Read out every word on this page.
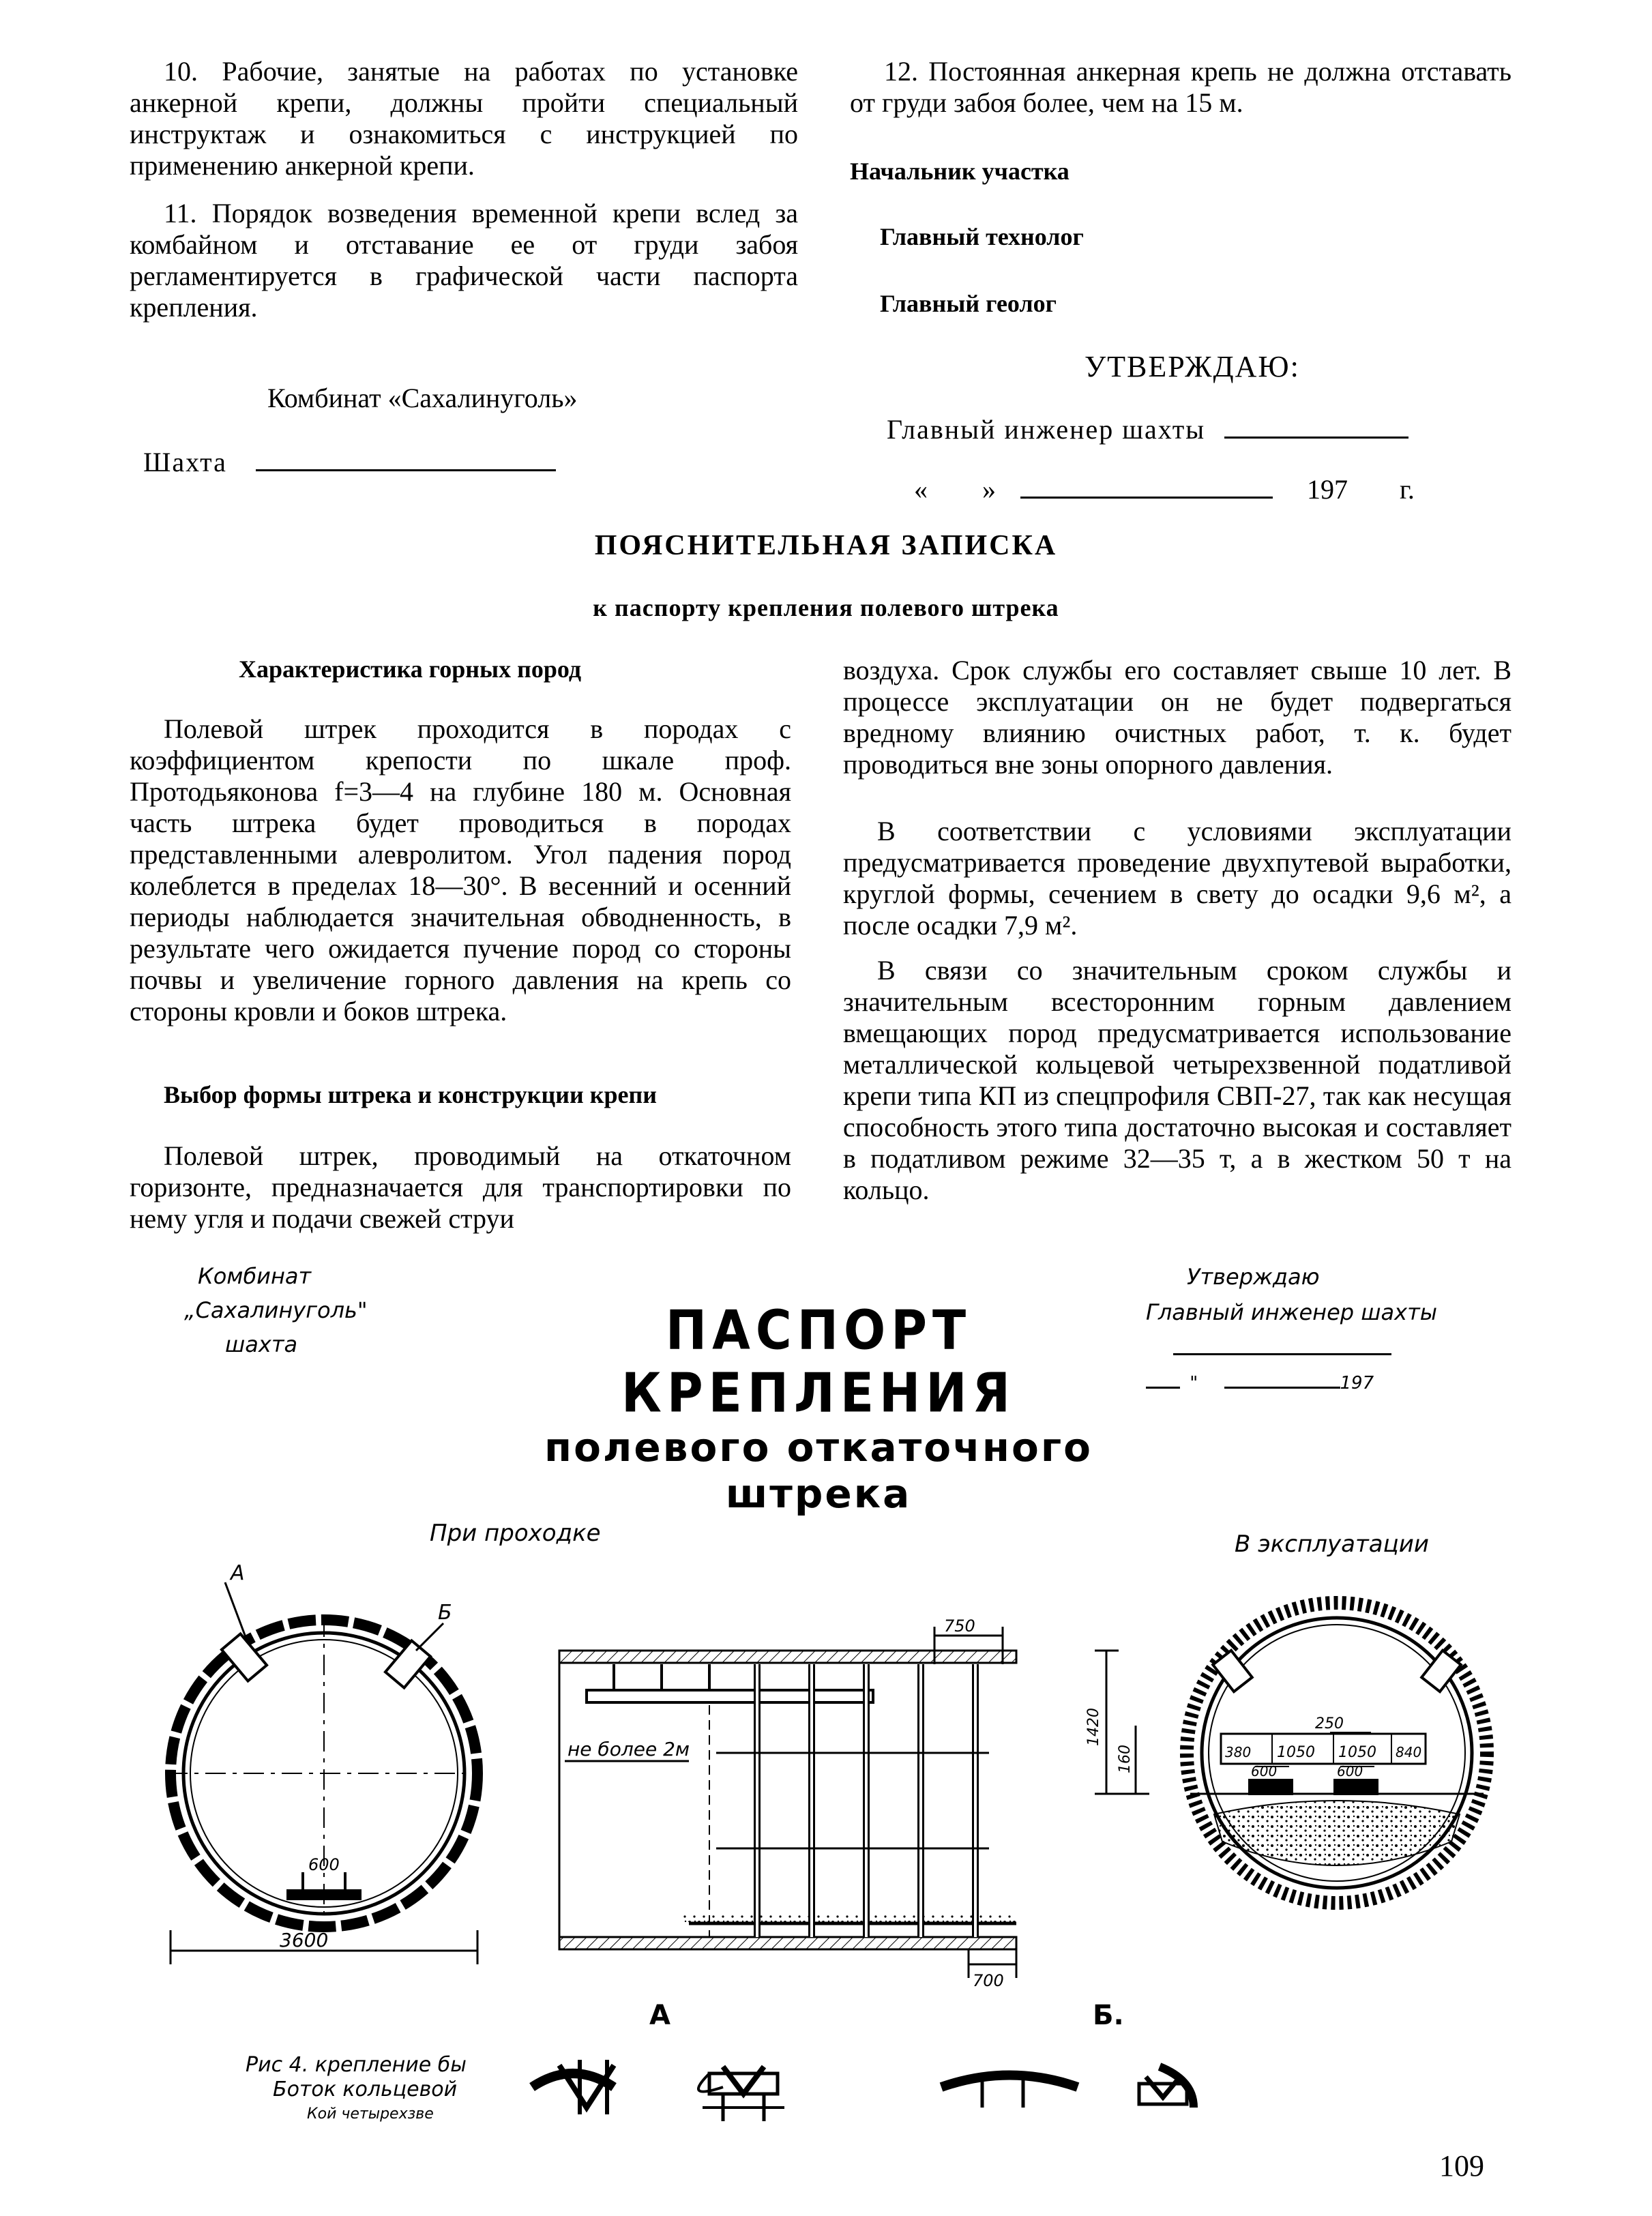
10. Рабочие, занятые на работах по установке анкерной крепи, должны пройти специальный инструктаж и ознакомиться с инструкцией по применению анкерной крепи.

11. Порядок возведения временной крепи вслед за комбайном и отставание ее от груди забоя регламентируется в графической части паспорта крепления.

Комбинат «Сахалинуголь»
Шахта

12. Постоянная анкерная крепь не должна отставать от груди забоя более, чем на 15 м.

Начальник участка
Главный технолог
Главный геолог
УТВЕРЖДАЮ:
Главный инженер шахты
« »	197 г.
ПОЯСНИТЕЛЬНАЯ ЗАПИСКА
к паспорту крепления полевого штрека
Характеристика горных пород

Полевой штрек проходится в породах с коэффициентом крепости по шкале проф. Протодьяконова f=3—4 на глубине 180 м. Основная часть штрека будет проводиться в породах представленными алевролитом. Угол падения пород колеблется в пределах 18—30°. В весенний и осенний периоды наблюдается значительная обводненность, в результате чего ожидается пучение пород со стороны почвы и увеличение горного давления на крепь со стороны кровли и боков штрека.

Выбор формы штрека и конструкции крепи

Полевой штрек, проводимый на откаточном горизонте, предназначается для транспортировки по нему угля и подачи свежей струи

воздуха. Срок службы его составляет свыше 10 лет. В процессе эксплуатации он не будет подвергаться вредному влиянию очистных работ, т. к. будет проводиться вне зоны опорного давления.

В соответствии с условиями эксплуатации предусматривается проведение двухпутевой выработки, круглой формы, сечением в свету до осадки 9,6 м², а после осадки 7,9 м².

В связи со значительным сроком службы и значительным всесторонним горным давлением вмещающих пород предусматривается использование металлической кольцевой четырехзвенной податливой крепи типа КП из спецпрофиля СВП-27, так как несущая способность этого типа достаточно высокая и составляет в податливом режиме 32—35 т, а в жестком 50 т на кольцо.

Комбинат
„Сахалинуголь"
шахта	ПАСПОРТ КРЕПЛЕНИЯ
полевого откаточного штрека
Утверждаю
Главный инженер шахты
"	197
При проходке	В эксплуатации
3600
600
А
Б
750
не более 2м
700
250
380 1050 1050 840
1420
160	600	600
А	Б.
Рис 4. крепление бы
Боток кольцевой
Кой четырехзве
109
